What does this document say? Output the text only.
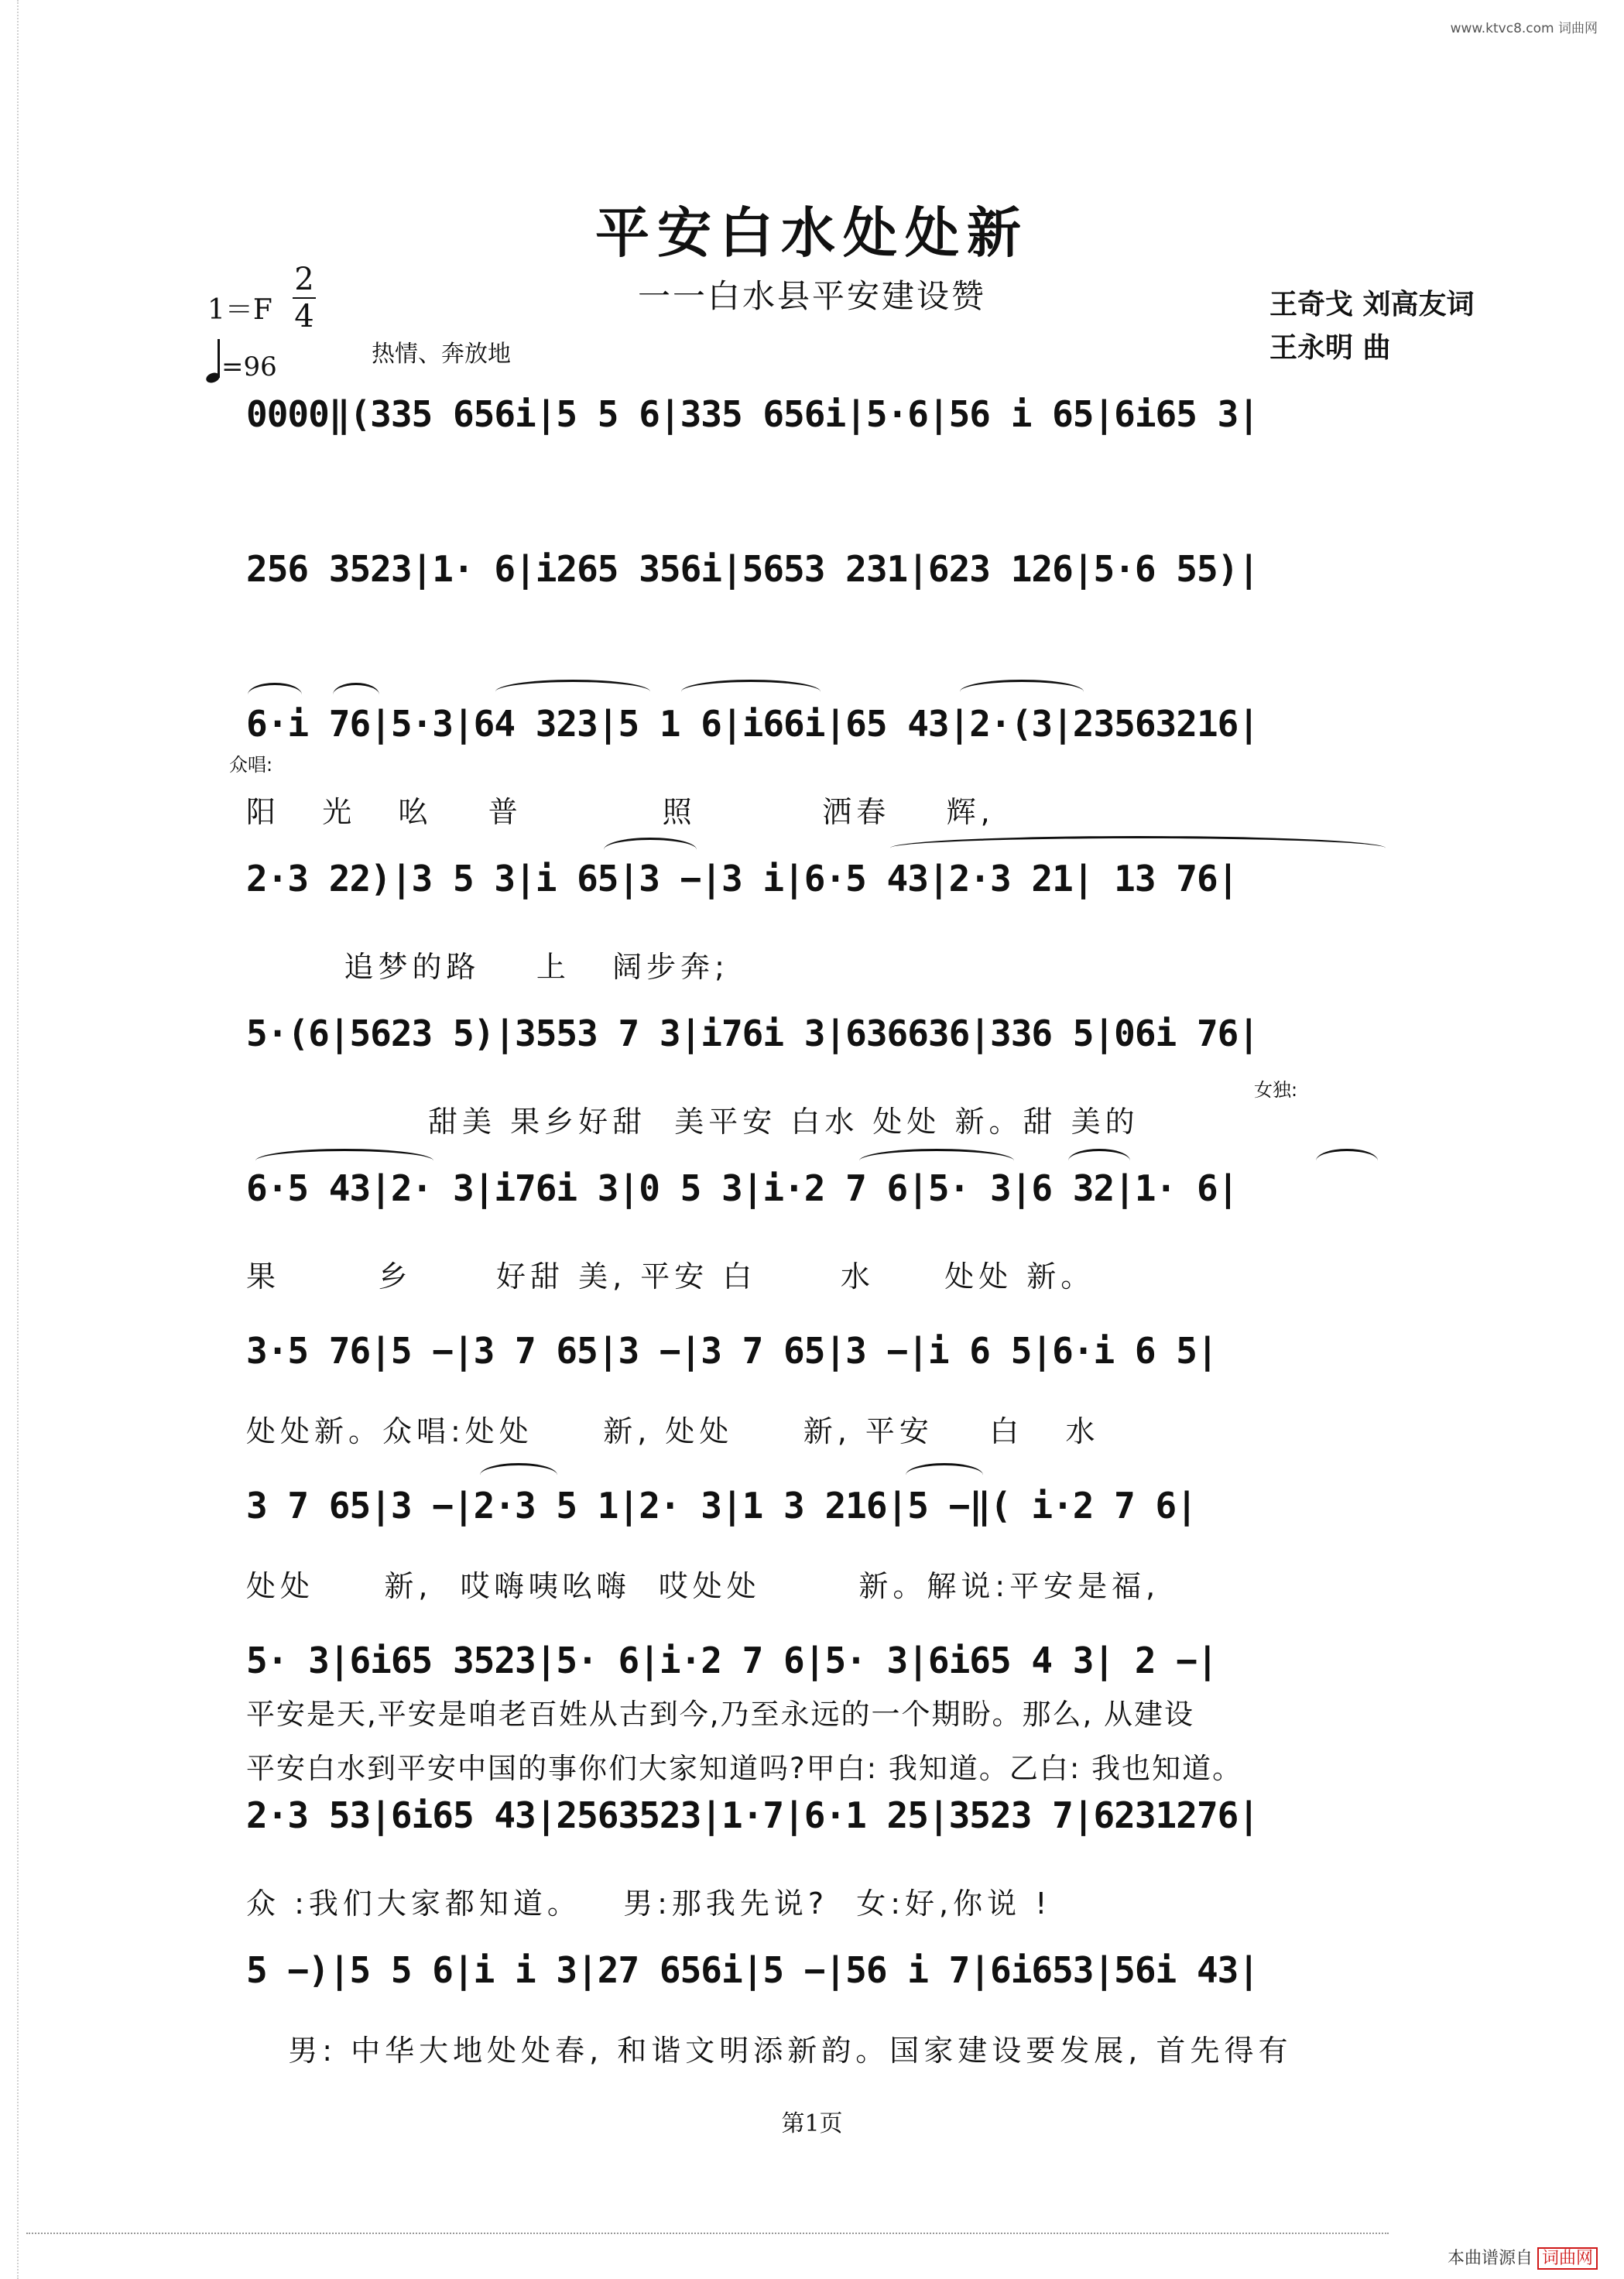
www.ktvc8.com 词曲网
平安白水处处新
一一白水县平安建设赞
1＝F
2
4
=96	热情、奔放地
王奇戈 刘高友词
王永明 曲
0000‖(335 656i|5 5 6|335 656i|5·6|56 i 65|6i65 3|
256 3523|1· 6|i265 356i|5653 231|623 126|5·6 55)|
6·i 76|5·3|64 323|5 1 6|i66i|65 43|2·(3|23563216|
众唱:
阳   光   吆    普          照         洒春    辉,
2·3 22)|3 5 3|i 65|3 −|3 i|6·5 43|2·3 21| 13 76|
追梦的路    上   阔步奔;
5·(6|5623 5)|3553 7 3|i76i 3|636636|336 5|06i 76|
女独:
甜美 果乡好甜  美平安 白水 处处 新。甜 美的
6·5 43|2· 3|i76i 3|0 5 3|i·2 7 6|5· 3|6 32|1· 6|
果       乡      好甜 美, 平安 白      水     处处 新。
3·5 76|5 −|3 7 65|3 −|3 7 65|3 −|i 6 5|6·i 6 5|
处处新。众唱:处处     新, 处处     新, 平安    白   水
3 7 65|3 −|2·3 5 1|2· 3|1 3 216|5 −‖( i·2 7 6|
处处     新,  哎嗨咦吆嗨  哎处处       新。解说:平安是福,
5· 3|6i65 3523|5· 6|i·2 7 6|5· 3|6i65 4 3| 2 −|
平安是天,平安是咱老百姓从古到今,乃至永远的一个期盼。那么, 从建设
平安白水到平安中国的事你们大家知道吗?甲白: 我知道。乙白: 我也知道。
2·3 53|6i65 43|2563523|1·7|6·1 25|3523 7|6231276|
众 :我们大家都知道。   男:那我先说?  女:好,你说 !
5 −)|5 5 6|i i 3|27 656i|5 −|56 i 7|6i653|56i 43|
男: 中华大地处处春, 和谐文明添新韵。国家建设要发展, 首先得有
第1页
本曲谱源自 词曲网
